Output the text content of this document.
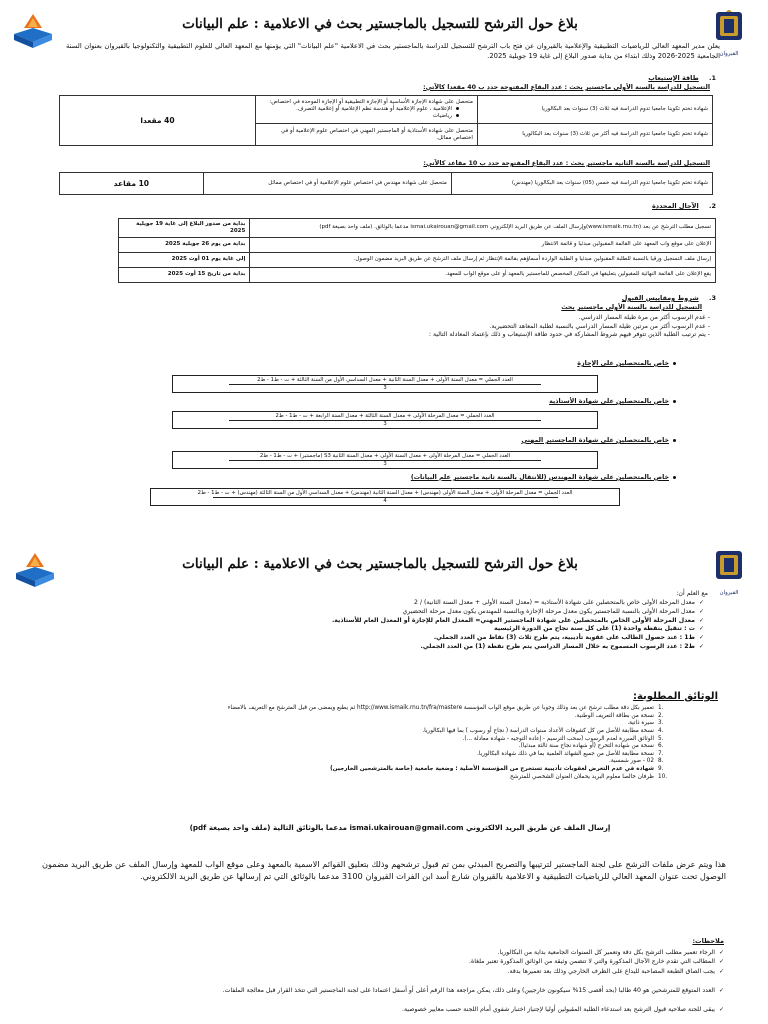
القيروان
بلاغ حول الترشح للتسجيل بالماجستير بحث في الاعلامية : علم البيانات
يعلن مدير المعهد العالي للرياضيات التطبيقية والإعلامية بالقيروان عن فتح باب الترشح للتسجيل للدراسة بالماجستير بحث في الاعلامية "علم البيانات" التي يؤمنها مع المعهد العالي للعلوم التطبيقية والتكنولوجيا بالقيروان بعنوان السنة الجامعية 2025-2026 وذلك ابتداء من بداية صدور البلاغ إلى غاية 19 جويلية 2025.
1. طاقة الإستيعاب
التسجيل للدراسة بالسنة الأولى ماجستير بحث : عدد البقاع المفتوحة حدد ب 40 مقعدا كالآتي:
شهادة تختم تكوينا جامعيا تدوم الدراسة فيه ثلاث (3) سنوات بعد البكالوريا	متحصل على شهادة الإجازة الأساسية أو الإجازة التطبيقية أو الإجازة الموحدة في اختصاص:
الإعلامية ، علوم الإعلامية أو هندسة نظم الإعلامية أو إعلامية التصرف.
رياضيات	40 مقعدا
شهادة تختم تكوينا جامعيا تدوم الدراسة فيه أكثر من ثلاث (3) سنوات بعد البكالوريا	متحصل على شهادة الأستاذية أو الماجستير المهني في اختصاص علوم الإعلامية أو في اختصاص مماثل.	
التسجيل للدراسة بالسنة الثانية ماجستير بحث : عدد البقاع المفتوحة حدد ب 10 مقاعد كالآتي:
شهادة تختم تكوينا جامعيا تدوم الدراسة فيه خمس (05) سنوات بعد البكالوريا (مهندس)	متحصل على شهادة مهندس في اختصاص علوم الإعلامية أو في اختصاص مماثل	10 مقاعد
2. الآجال المحددة
تسجيل مطلب الترشح عن بعد (www.ismaik.rnu.tn)وإرسال الملف عن طريق البريد الإلكتروني ismai.ukairouan@gmail.com مدعما بالوثائق. (ملف واحد بصيغة pdf)	بداية من صدور البلاغ إلى غاية 19 جويلية 2025
الإعلان على موقع واب المعهد على القائمة المقبولين مبدئيا و قائمة الانتظار	بداية من يوم 26 جويلية 2025
إرسال ملف التسجيل ورقيا بالنسبة للطلبة المقبولين مبدئيا و الطلبة الواردة أسماؤهم بقائمة الإنتظار ثم إرسال ملف الترشح عن طريق البريد مضمون الوصول.	إلى غاية يوم 01 أوت 2025
يقع الإعلان على القائمة النهائية للمقبولين بتعليقها في المكان المخصص للماجستير بالمعهد أو على موقع الواب للمعهد.	بداية من تاريخ 15 أوت 2025
3. شروط ومقاييس القبول
التسجيل للدراسة بالسنة الأولى ماجستير بحث
- عدم الرسوب أكثر من مرة طيلة المسار الدراسي.
- عدم الرسوب أكثر من مرتين طيلة المسار الدراسي بالنسبة لطلبة المعاهد التحضيرية.
- يتم ترتيب الطلبة الذين تتوفر فيهم شروط المشاركة في حدود طاقة الإستيعاب و ذلك بإعتماد المعادلة التالية :
خاص بالمتحصلين على الإجازة
العدد الجملي = معدل السنة الأولى + معدل السنة الثانية + معدل السداسي الأول من السنة الثالثة + ت - ط1 - ط2
3
خاص بالمتحصلين على شهادة الأستاذية
العدد الجملي = معدل المرحلة الأولى + معدل السنة الثالثة + معدل السنة الرابعة + ت - ط1 - ط2
3
خاص بالمتحصلين على شهادة الماجستير المهني
العدد الجملي = معدل المرحلة الأولى + معدل السنة الأولى + معدل السنة الثانية S3 (ماجستير) + ت - ط1 - ط2
3
خاص بالمتحصلين على شهادة المهندس (للانتقال بالسنة ثانية ماجستير علم البيانات)
العدد الجملي = معدل المرحلة الأولى + معدل السنة الأولى (مهندس) + معدل السنة الثانية (مهندس) + معدل السداسي الأول من السنة الثالثة (مهندس) + ت - ط1 - ط2
4
القيروان
بلاغ حول الترشح للتسجيل بالماجستير بحث في الاعلامية : علم البيانات
مع العلم أن:
✓ معدل المرحلة الأولى خاص بالمتحصلين على شهادة الأستاذية = (معدل السنة الأولى + معدل السنة الثانية) / 2
✓ معدل المرحلة الأولى بالنسبة للماجستير يكون معدل مرحلة الإجازة وبالنسبة للمهندس يكون معدل مرحلة التحضيري
✓ معدل المرحلة الأولى الخاص بالمتحصلين على شهادة الماجستير المهني= المعدل العام للإجازة أو المعدل العام للأستاذية.
✓ ت : تنقيل بنقطة واحدة (1) على كل سنة نجاح من الدورة الرئيسية
✓ ط1 : عند حصول الطالب على عقوبة تأديبية، يتم طرح ثلاث (3) نقاط من العدد الجملي.
✓ ط2 : عدد الرسوب المسموح به خلال المسار الدراسي يتم طرح نقطة (1) من العدد الجملي.
الوثائق المطلوبة:
.1
تعمير بكل دقة مطلب ترشح عن بعد وذلك وجوبا عن طريق موقع الواب المؤسسة http://www.ismaik.rnu.tn/fra/mastere ثم يطبع ويمضى من قبل المترشح مع التعريف بالامضاء
.2
نسخة من بطاقة التعريف الوطنية.
.3
سيرة ذاتية.
.4
نسخة مطابقة للأصل من كل كشوفات الأعداد سنوات الدراسة ( نجاح أو رسوب ) بما فيها البكالوريا.
.5
الوثائق المبررة لعدم الرسوب (سحب الترسيم - إعادة التوجيه - شهادة معادلة ...).
.6
نسخة من شهادة التخرج (أو شهادة نجاح سنة ثالثة مبدئيا).
.7
نسخة مطابقة للأصل من جميع الشهائد العلمية بما في ذلك شهادة البكالوريا.
.8
02 - صور شمسية.
.9
شهادة في عدم التعرض لعقوبات تأديبية تستخرج من المؤسسة الأصلية : وضعية جامعية (خاصة بالمترشحين الخارجين)
.10
ظرفان خالصا معلوم البريد يحملان العنوان الشخصي للمترشح
إرسال الملف عن طريق البريد الالكتروني ismai.ukairouan@gmail.com مدعما بالوثائق التالية (ملف واحد بصيغة pdf)
هذا ويتم عرض ملفات الترشح على لجنة الماجستير لترتيبها والتصريح المبدئي بمن تم قبول ترشحهم وذلك بتعليق القوائم الاسمية بالمعهد وعلى موقع الواب للمعهد وإرسال الملف عن طريق البريد مضمون الوصول تحت عنوان المعهد العالي للرياضيات التطبيقية و الاعلامية بالقيروان شارع أسد ابن الفرات القيروان 3100 مدعما بالوثائق التي تم إرسالها عن طريق البريد الالكتروني.
ملاحظات:
✓ الرجاء تعمير مطلب الترشح بكل دقة وتعمير كل السنوات الجامعية بداية من البكالوريا.
✓ المطالب التي تقدم خارج الآجال المذكورة والتي لا تتضمن وثيقة من الوثائق المذكورة تعتبر ملغاة.
✓ يجب الصاق الطبعة المصاحبة للبداع على الظرف الخارجي وذلك بعد تعميرها بدقة.
✓ العدد المتوقع للمترشحين هو 40 طالبا (بحد أقصى 15% سيكونون خارجيين) وعلى ذلك، يمكن مراجعة هذا الرقم أعلى أو أسفل اعتمادا على لجنة الماجستير التي تتخذ القرار قبل معالجة الملفات.
✓ يبقى للجنة صلاحية قبول الترشح بعد استدعاء الطلبة المقبولين أوليا لإجتياز اختبار شفوي أمام اللجنة حسب معايير خصوصية.
